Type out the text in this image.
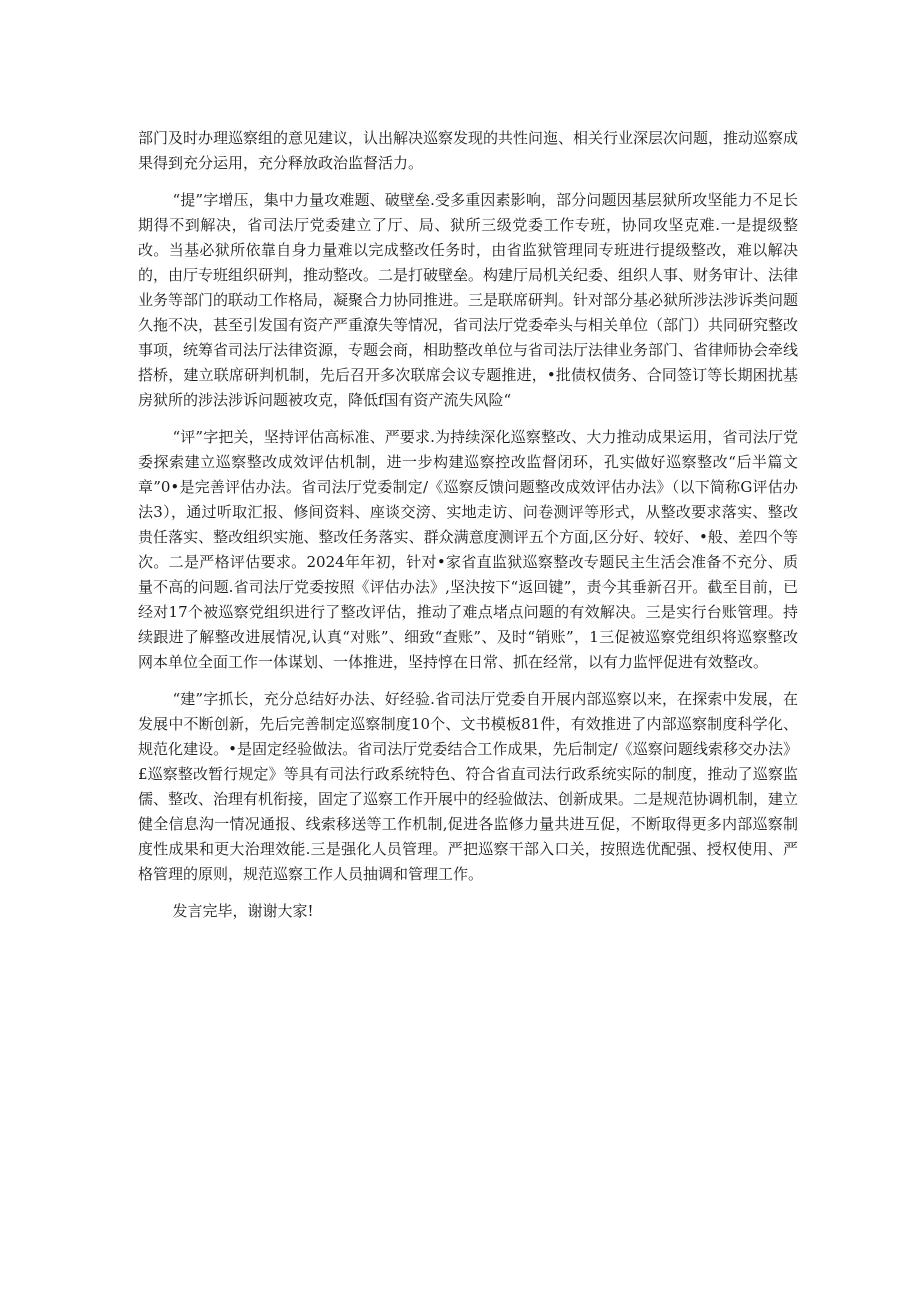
部门及时办理巡察组的意见建议，认出解决巡察发现的共性问迤、相关行业深层次问题，推动巡察成果得到充分运用，充分释放政治监督活力。

“提”字增压，集中力量攻难题、破壁垒.受多重因素影响，部分问题因基层狱所攻坚能力不足长期得不到解决，省司法厅党委建立了厅、局、狱所三级党委工作专班，协同攻坚克难.一是提级整改。当基必狱所依靠自身力量难以完成整改任务时，由省监狱管理同专班进行提级整改，难以解决的，由厅专班组织研判，推动整改。二是打破壁垒。构建厅局机关纪委、组织人事、财务审计、法律业务等部门的联动工作格局，凝聚合力协同推进。三是联席研判。针对部分基必狱所涉法涉诉类问题久拖不决，甚至引发国有资产严重潦失等情况，省司法厅党委牵头与相关单位（部门）共同研究整改事项，统筹省司法厅法律资源，专题会商，相助整改单位与省司法厅法律业务部门、省律师协会牵线搭桥，建立联席研判机制，先后召开多次联席会议专题推进，•批债权债务、合同签订等长期困扰基房狱所的涉法涉诉问题被攻克，降低f国有资产流失风险“

“评”字把关，坚持评估高标准、严要求.为持续深化巡察整改、大力推动成果运用，省司法厅党委探索建立巡察整改成效评估机制，进一步构建巡察控改监督闭环，孔实做好巡察整改“后半篇文章”0•是完善评估办法。省司法厅党委制定/《巡察反馈问题整改成效评估办法》（以下简称G评估办法3），通过听取汇报、修间资料、座谈交滂、实地走访、问卷测评等形式，从整改要求落实、整改贵任落实、整改组织实施、整改任务落实、群众满意度测评五个方面,区分好、较好、•般、差四个等次。二是严格评估要求。2024年年初，针对•家省直监狱巡察整改专题民主生活会准备不充分、质量不高的问题.省司法厅党委按照《评估办法》,坚決按下“返回键”，责今其垂新召开。截至目前，已经对17个被巡察党组织进行了整改评估，推动了难点堵点问题的有效解决。三是实行台账管理。持续跟进了解整改进展情况,认真“对账”、细致“查账”、及时“销账”，1三促被巡察党组织将巡察整改网本单位全面工作一体谋划、一体推进，坚持惇在日常、抓在经常，以有力监怦促进有效整改。

“建”字抓长，充分总结好办法、好经验.省司法厅党委自开展内部巡察以来，在探索中发展，在发展中不断创新，先后完善制定巡察制度10个、文书模板81件，有效推进了内部巡察制度科学化、规范化建设。•是固定经验做法。省司法厅党委结合工作成果，先后制定/《巡察问题线索移交办法》£巡察整改暂行规定》等具有司法行政系统特色、符合省直司法行政系统实际的制度，推动了巡察监儒、整改、治理有机衔接，固定了巡察工作开展中的经验做法、创新成果。二是规范协调机制，建立健全信息沟一情况通报、线索移送等工作机制,促进各监修力量共进互促，不断取得更多内部巡察制度性成果和更大治理效能.三是强化人员管理。严把巡察干部入口关，按照选优配强、授权使用、严格管理的原则，规范巡察工作人员抽调和管理工作。

发言完毕，谢谢大家!
